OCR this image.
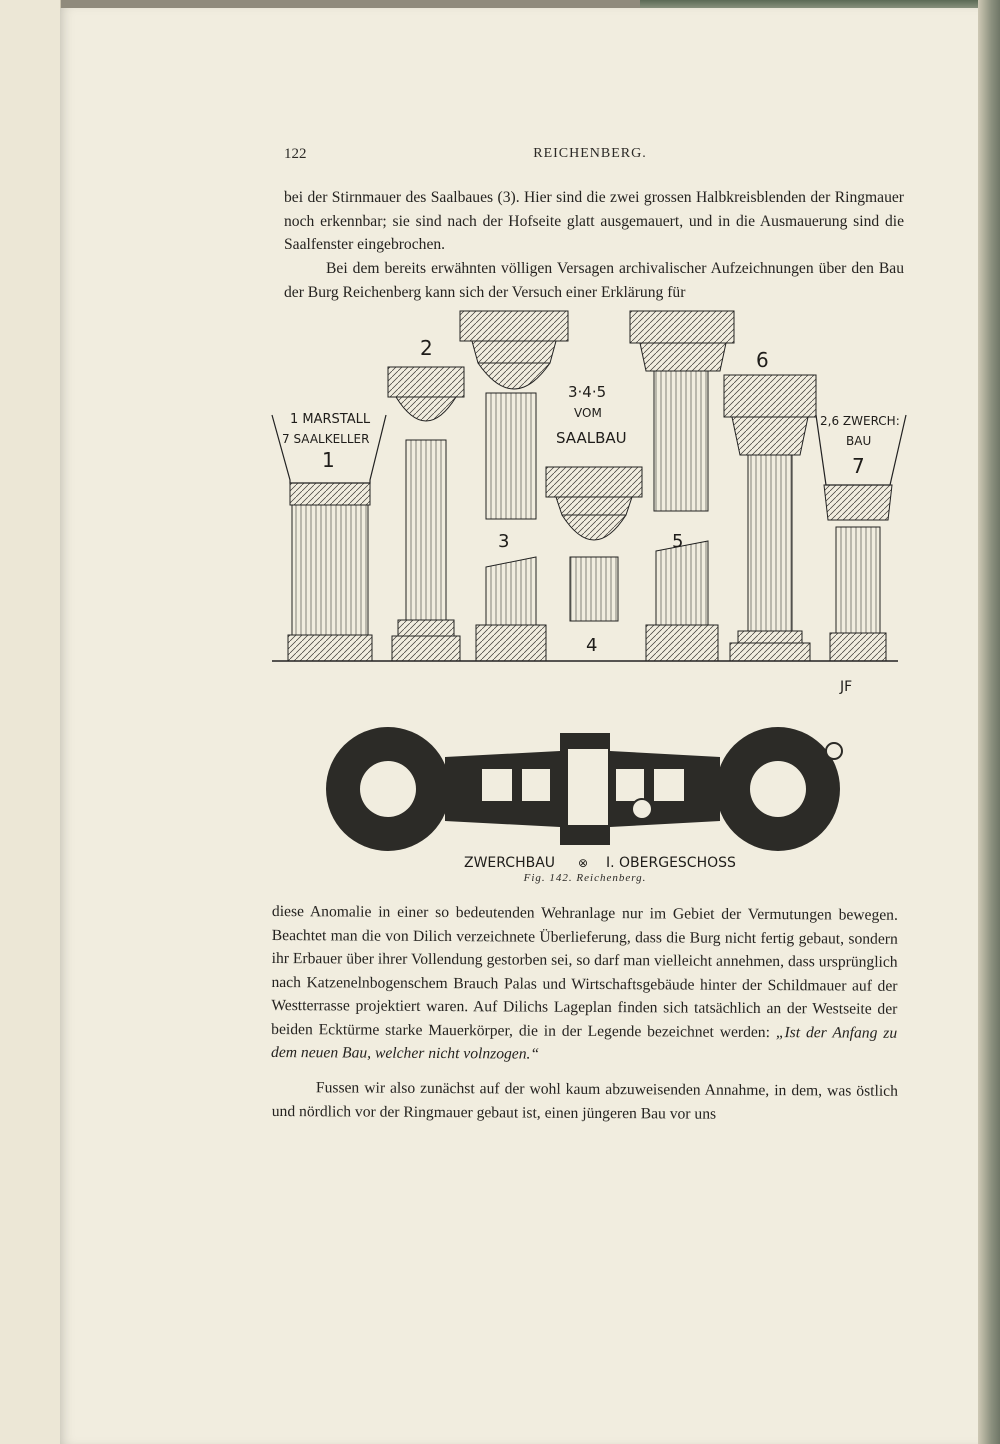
122	REICHENBERG.

bei der Stirnmauer des Saalbaues (3). Hier sind die zwei grossen Halbkreisblenden der Ringmauer noch erkennbar; sie sind nach der Hofseite glatt ausgemauert, und in die Ausmauerung sind die Saalfenster eingebrochen.

Bei dem bereits erwähnten völligen Versagen archivalischer Aufzeichnungen über den Bau der Burg Reichenberg kann sich der Versuch einer Erklärung für

1 MARSTALL
7 SAALKELLER
3·4·5
VOM
SAALBAU
2,6 ZWERCH:
BAU
1
2
3
4
5
6
7
JF
ZWERCHBAU ⊗ I. OBERGESCHOSS
Fig. 142. Reichenberg.

diese Anomalie in einer so bedeutenden Wehranlage nur im Gebiet der Vermutungen bewegen. Beachtet man die von Dilich verzeichnete Überlieferung, dass die Burg nicht fertig gebaut, sondern ihr Erbauer über ihrer Vollendung gestorben sei, so darf man vielleicht annehmen, dass ursprünglich nach Katzenelnbogenschem Brauch Palas und Wirtschaftsgebäude hinter der Schildmauer auf der Westterrasse projektiert waren. Auf Dilichs Lageplan finden sich tatsächlich an der Westseite der beiden Ecktürme starke Mauerkörper, die in der Legende bezeichnet werden: „Ist der Anfang zu dem neuen Bau, welcher nicht volnzogen.“

Fussen wir also zunächst auf der wohl kaum abzuweisenden Annahme, in dem, was östlich und nördlich vor der Ringmauer gebaut ist, einen jüngeren Bau vor uns
